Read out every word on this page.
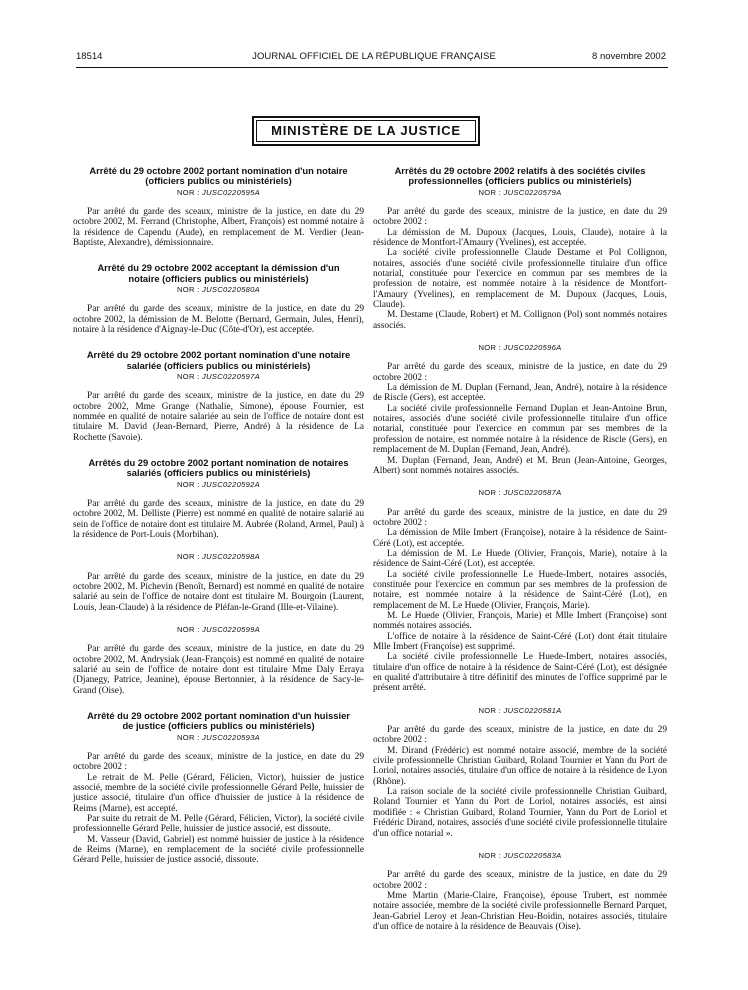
18514	JOURNAL OFFICIEL DE LA RÉPUBLIQUE FRANÇAISE	8 novembre 2002
MINISTÈRE DE LA JUSTICE
Arrêté du 29 octobre 2002 portant nomination d'un notaire (officiers publics ou ministériels)
NOR : JUSC0220595A

Par arrêté du garde des sceaux, ministre de la justice, en date du 29 octobre 2002, M. Ferrand (Christophe, Albert, François) est nommé notaire à la résidence de Capendu (Aude), en remplacement de M. Verdier (Jean-Baptiste, Alexandre), démissionnaire.

Arrêté du 29 octobre 2002 acceptant la démission d'un notaire (officiers publics ou ministériels)
NOR : JUSC0220580A

Par arrêté du garde des sceaux, ministre de la justice, en date du 29 octobre 2002, la démission de M. Belotte (Bernard, Germain, Jules, Henri), notaire à la résidence d'Aignay-le-Duc (Côte-d'Or), est acceptée.

Arrêté du 29 octobre 2002 portant nomination d'une notaire salariée (officiers publics ou ministériels)
NOR : JUSC0220597A

Par arrêté du garde des sceaux, ministre de la justice, en date du 29 octobre 2002, Mme Grange (Nathalie, Simone), épouse Fournier, est nommée en qualité de notaire salariée au sein de l'office de notaire dont est titulaire M. David (Jean-Bernard, Pierre, André) à la résidence de La Rochette (Savoie).

Arrêtés du 29 octobre 2002 portant nomination de notaires salariés (officiers publics ou ministériels)
NOR : JUSC0220592A

Par arrêté du garde des sceaux, ministre de la justice, en date du 29 octobre 2002, M. Delliste (Pierre) est nommé en qualité de notaire salarié au sein de l'office de notaire dont est titulaire M. Aubrée (Roland, Armel, Paul) à la résidence de Port-Louis (Morbihan).

NOR : JUSC0220598A

Par arrêté du garde des sceaux, ministre de la justice, en date du 29 octobre 2002, M. Pichevin (Benoît, Bernard) est nommé en qualité de notaire salarié au sein de l'office de notaire dont est titulaire M. Bourgoin (Laurent, Louis, Jean-Claude) à la résidence de Pléfan-le-Grand (Ille-et-Vilaine).

NOR : JUSC0220599A

Par arrêté du garde des sceaux, ministre de la justice, en date du 29 octobre 2002, M. Andrysiak (Jean-François) est nommé en qualité de notaire salarié au sein de l'office de notaire dont est titulaire Mme Daly Erraya (Djanegy, Patrice, Jeanine), épouse Bertonnier, à la résidence de Sacy-le-Grand (Oise).

Arrêté du 29 octobre 2002 portant nomination d'un huissier de justice (officiers publics ou ministériels)
NOR : JUSC0220593A

Par arrêté du garde des sceaux, ministre de la justice, en date du 29 octobre 2002 :

Le retrait de M. Pelle (Gérard, Félicien, Victor), huissier de justice associé, membre de la société civile professionnelle Gérard Pelle, huissier de justice associé, titulaire d'un office d'huissier de justice à la résidence de Reims (Marne), est accepté.

Par suite du retrait de M. Pelle (Gérard, Félicien, Victor), la société civile professionnelle Gérard Pelle, huissier de justice associé, est dissoute.

M. Vasseur (David, Gabriel) est nommé huissier de justice à la résidence de Reims (Marne), en remplacement de la société civile professionnelle Gérard Pelle, huissier de justice associé, dissoute.

Arrêtés du 29 octobre 2002 relatifs à des sociétés civiles professionnelles (officiers publics ou ministériels)
NOR : JUSC0220579A

Par arrêté du garde des sceaux, ministre de la justice, en date du 29 octobre 2002 :

La démission de M. Dupoux (Jacques, Louis, Claude), notaire à la résidence de Montfort-l'Amaury (Yvelines), est acceptée.

La société civile professionnelle Claude Destame et Pol Collignon, notaires, associés d'une société civile professionnelle titulaire d'un office notarial, constituée pour l'exercice en commun par ses membres de la profession de notaire, est nommée notaire à la résidence de Montfort-l'Amaury (Yvelines), en remplacement de M. Dupoux (Jacques, Louis, Claude).

M. Destame (Claude, Robert) et M. Collignon (Pol) sont nommés notaires associés.

NOR : JUSC0220596A

Par arrêté du garde des sceaux, ministre de la justice, en date du 29 octobre 2002 :

La démission de M. Duplan (Fernand, Jean, André), notaire à la résidence de Riscle (Gers), est acceptée.

La société civile professionnelle Fernand Duplan et Jean-Antoine Brun, notaires, associés d'une société civile professionnelle titulaire d'un office notarial, constituée pour l'exercice en commun par ses membres de la profession de notaire, est nommée notaire à la résidence de Riscle (Gers), en remplacement de M. Duplan (Fernand, Jean, André).

M. Duplan (Fernand, Jean, André) et M. Brun (Jean-Antoine, Georges, Albert) sont nommés notaires associés.

NOR : JUSC0220587A

Par arrêté du garde des sceaux, ministre de la justice, en date du 29 octobre 2002 :

La démission de Mlle Imbert (Françoise), notaire à la résidence de Saint-Céré (Lot), est acceptée.

La démission de M. Le Huede (Olivier, François, Marie), notaire à la résidence de Saint-Céré (Lot), est acceptée.

La société civile professionnelle Le Huede-Imbert, notaires associés, constituée pour l'exercice en commun par ses membres de la profession de notaire, est nommée notaire à la résidence de Saint-Céré (Lot), en remplacement de M. Le Huede (Olivier, François, Marie).

M. Le Huede (Olivier, François, Marie) et Mlle Imbert (Françoise) sont nommés notaires associés.

L'office de notaire à la résidence de Saint-Céré (Lot) dont était titulaire Mlle Imbert (Françoise) est supprimé.

La société civile professionnelle Le Huede-Imbert, notaires associés, titulaire d'un office de notaire à la résidence de Saint-Céré (Lot), est désignée en qualité d'attributaire à titre définitif des minutes de l'office supprimé par le présent arrêté.

NOR : JUSC0220581A

Par arrêté du garde des sceaux, ministre de la justice, en date du 29 octobre 2002 :

M. Dirand (Frédéric) est nommé notaire associé, membre de la société civile professionnelle Christian Guibard, Roland Tournier et Yann du Port de Loriol, notaires associés, titulaire d'un office de notaire à la résidence de Lyon (Rhône).

La raison sociale de la société civile professionnelle Christian Guibard, Roland Tournier et Yann du Port de Loriol, notaires associés, est ainsi modifiée : « Christian Guibard, Roland Tournier, Yann du Port de Loriol et Frédéric Dirand, notaires, associés d'une société civile professionnelle titulaire d'un office notarial ».

NOR : JUSC0220583A

Par arrêté du garde des sceaux, ministre de la justice, en date du 29 octobre 2002 :

Mme Martin (Marie-Claire, Françoise), épouse Trubert, est nommée notaire associée, membre de la société civile professionnelle Bernard Parquet, Jean-Gabriel Leroy et Jean-Christian Heu-Boidin, notaires associés, titulaire d'un office de notaire à la résidence de Beauvais (Oise).
